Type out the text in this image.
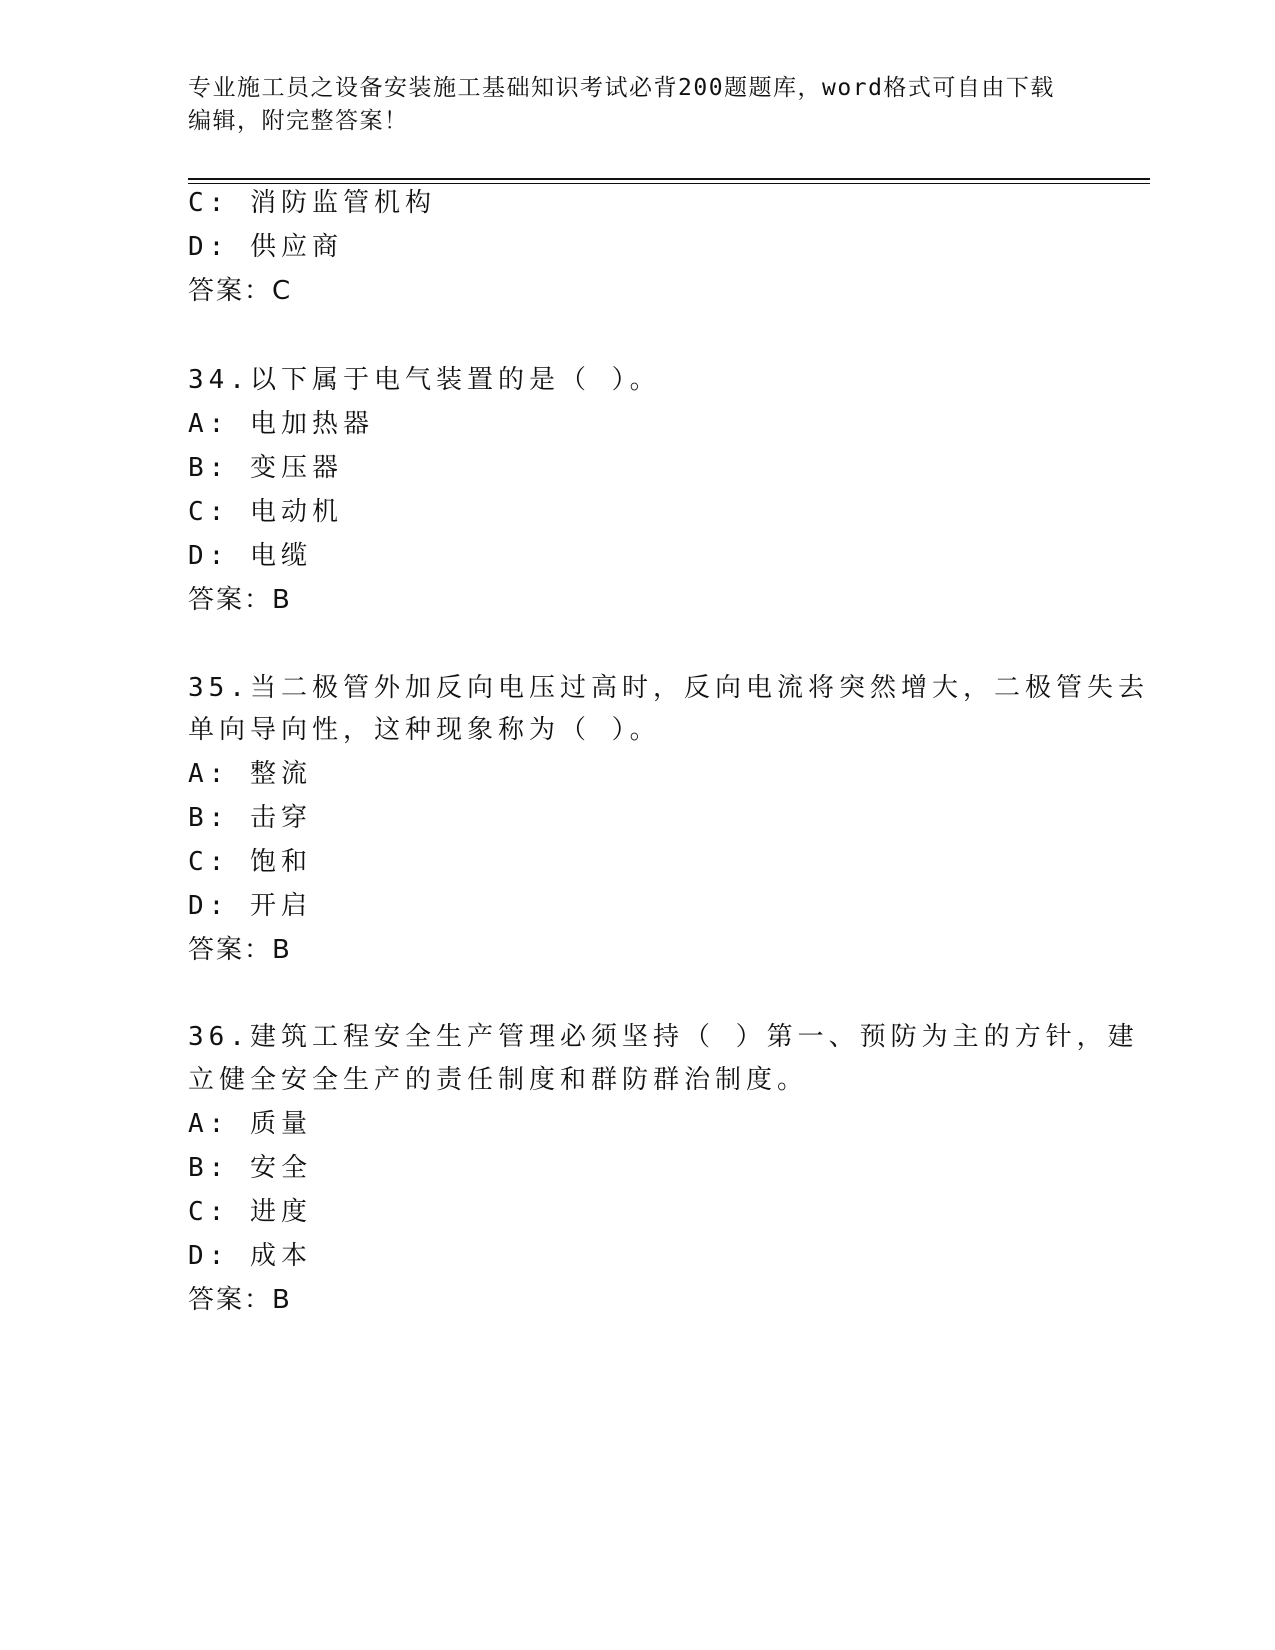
专业施工员之设备安装施工基础知识考试必背200题题库，word格式可自由下载
编辑，附完整答案！
C: 消防监管机构
D: 供应商
答案：C
34.以下属于电气装置的是（ ）。
A: 电加热器
B: 变压器
C: 电动机
D: 电缆
答案：B
35.当二极管外加反向电压过高时，反向电流将突然增大，二极管失去
单向导向性，这种现象称为（ ）。
A: 整流
B: 击穿
C: 饱和
D: 开启
答案：B
36.建筑工程安全生产管理必须坚持（ ）第一、预防为主的方针，建
立健全安全生产的责任制度和群防群治制度。
A: 质量
B: 安全
C: 进度
D: 成本
答案：B
